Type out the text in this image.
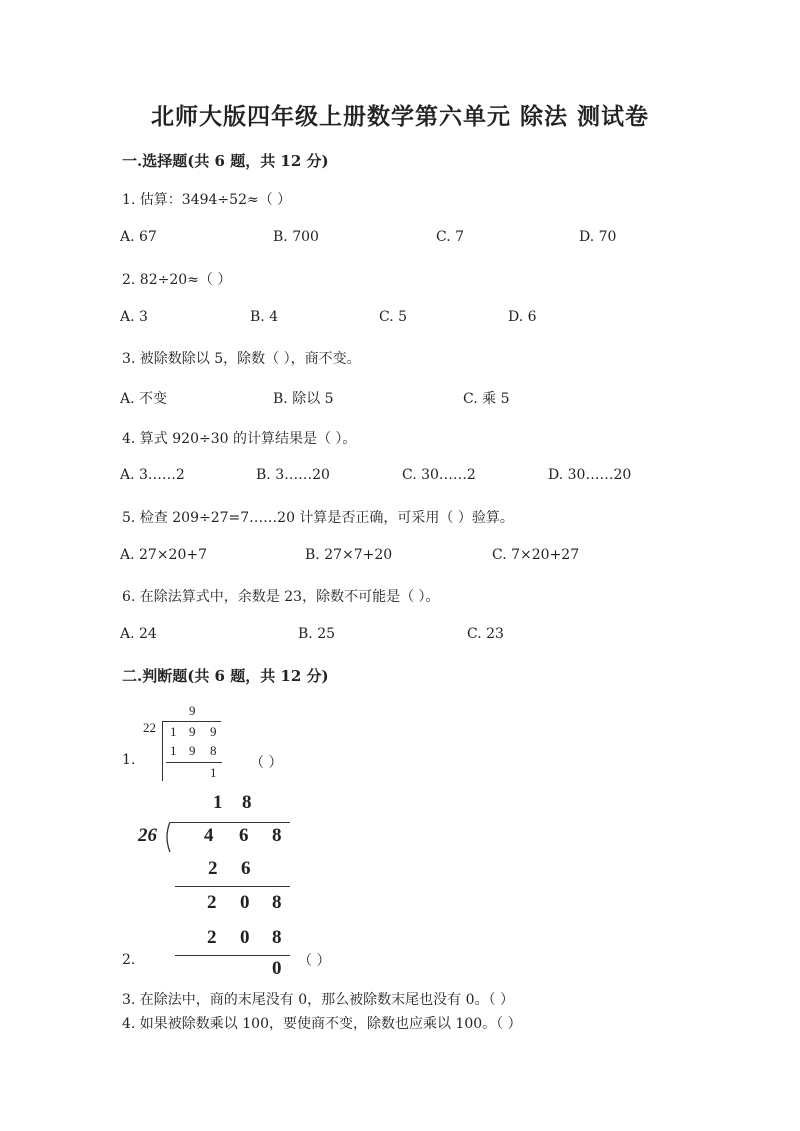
北师大版四年级上册数学第六单元 除法 测试卷
一.选择题(共 6 题，共 12 分)
1. 估算：3494÷52≈（ ）
A. 67	B. 700	C. 7	D. 70
2. 82÷20≈（ ）
A. 3	B. 4	C. 5	D. 6
3. 被除数除以 5，除数（ ），商不变。
A. 不变	B. 除以 5	C. 乘 5
4. 算式 920÷30 的计算结果是（ ）。
A. 3……2	B. 3……20	C. 30……2	D. 30……20
5. 检查 209÷27=7……20 计算是否正确，可采用（ ）验算。
A. 27×20+7	B. 27×7+20	C. 7×20+27
6. 在除法算式中，余数是 23，除数不可能是（ ）。
A. 24	B. 25	C. 23
二.判断题(共 6 题，共 12 分)
1.
9
22 1 9 9
1 9 8
1
（ ）
2.
1 8
26 4 6 8
2 6
2 0 8
2 0 8
0 （ ）
3. 在除法中，商的末尾没有 0，那么被除数末尾也没有 0。（ ）
4. 如果被除数乘以 100，要使商不变，除数也应乘以 100。（ ）
